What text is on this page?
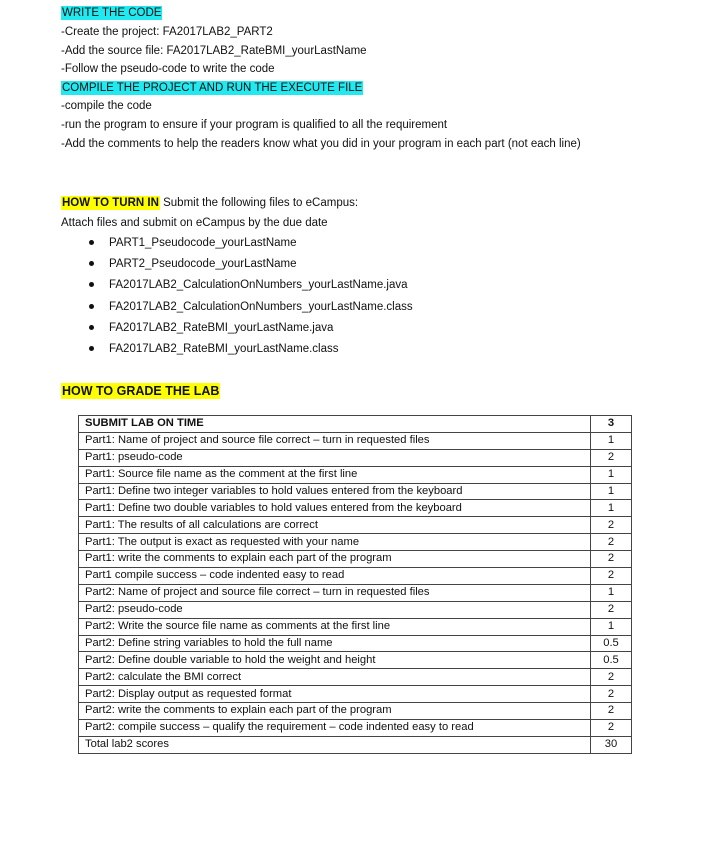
WRITE THE CODE
-Create the project: FA2017LAB2_PART2
-Add the source file: FA2017LAB2_RateBMI_yourLastName
-Follow the pseudo-code to write the code
COMPILE THE PROJECT AND RUN THE EXECUTE FILE
-compile the code
-run the program to ensure if your program is qualified to all the requirement
-Add the comments to help the readers know what you did in your program in each part (not each line)
HOW TO TURN IN Submit the following files to eCampus:
Attach files and submit on eCampus by the due date
PART1_Pseudocode_yourLastName
PART2_Pseudocode_yourLastName
FA2017LAB2_CalculationOnNumbers_yourLastName.java
FA2017LAB2_CalculationOnNumbers_yourLastName.class
FA2017LAB2_RateBMI_yourLastName.java
FA2017LAB2_RateBMI_yourLastName.class
HOW TO GRADE THE LAB
SUBMIT LAB ON TIME	3
Part1: Name of project and source file correct – turn in requested files	1
Part1: pseudo-code	2
Part1: Source file name as the comment at the first line	1
Part1: Define two integer variables to hold values entered from the keyboard	1
Part1: Define two double variables to hold values entered from the keyboard	1
Part1: The results of all calculations are correct	2
Part1: The output is exact as requested with your name	2
Part1: write the comments to explain each part of the program	2
Part1 compile success – code indented easy to read	2
Part2: Name of project and source file correct – turn in requested files	1
Part2: pseudo-code	2
Part2: Write the source file name as comments at the first line	1
Part2: Define string variables to hold the full name	0.5
Part2: Define double variable to hold the weight and height	0.5
Part2: calculate the BMI correct	2
Part2: Display output as requested format	2
Part2: write the comments to explain each part of the program	2
Part2: compile success – qualify the requirement – code indented easy to read	2
Total lab2 scores	30
